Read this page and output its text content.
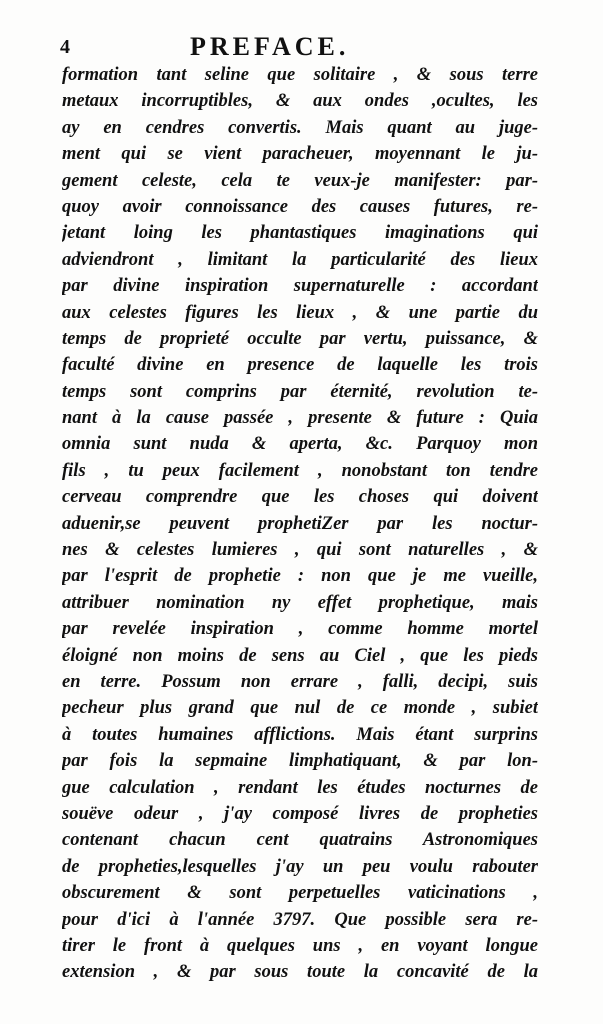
4	PREFACE.
formation tant seline que solitaire , & sous terre
metaux incorruptibles, & aux ondes ,ocultes, les
ay en cendres convertis. Mais quant au juge-
ment qui se vient paracheuer, moyennant le ju-
gement celeste, cela te veux-je manifester: par-
quoy avoir connoissance des causes futures, re-
jetant loing les phantastiques imaginations qui
adviendront , limitant la particularité des lieux
par divine inspiration supernaturelle : accordant
aux celestes figures les lieux , & une partie du
temps de proprieté occulte par vertu, puissance, &
faculté divine en presence de laquelle les trois
temps sont comprins par éternité, revolution te-
nant à la cause passée , presente & future : Quia
omnia sunt nuda & aperta, &c. Parquoy mon
fils , tu peux facilement , nonobstant ton tendre
cerveau comprendre que les choses qui doivent
aduenir,se peuvent prophetiZer par les noctur-
nes & celestes lumieres , qui sont naturelles , &
par l'esprit de prophetie : non que je me vueille,
attribuer nomination ny effet prophetique, mais
par revelée inspiration , comme homme mortel
éloigné non moins de sens au Ciel , que les pieds
en terre. Possum non errare , falli, decipi, suis
pecheur plus grand que nul de ce monde , subiet
à toutes humaines afflictions. Mais étant surprins
par fois la sepmaine limphatiquant, & par lon-
gue calculation , rendant les études nocturnes de
souëve odeur , j'ay composé livres de propheties
contenant chacun cent quatrains Astronomiques
de propheties,lesquelles j'ay un peu voulu rabouter
obscurement & sont perpetuelles vaticinations ,
pour d'ici à l'année 3797. Que possible sera re-
tirer le front à quelques uns , en voyant longue
extension , & par sous toute la concavité de la
